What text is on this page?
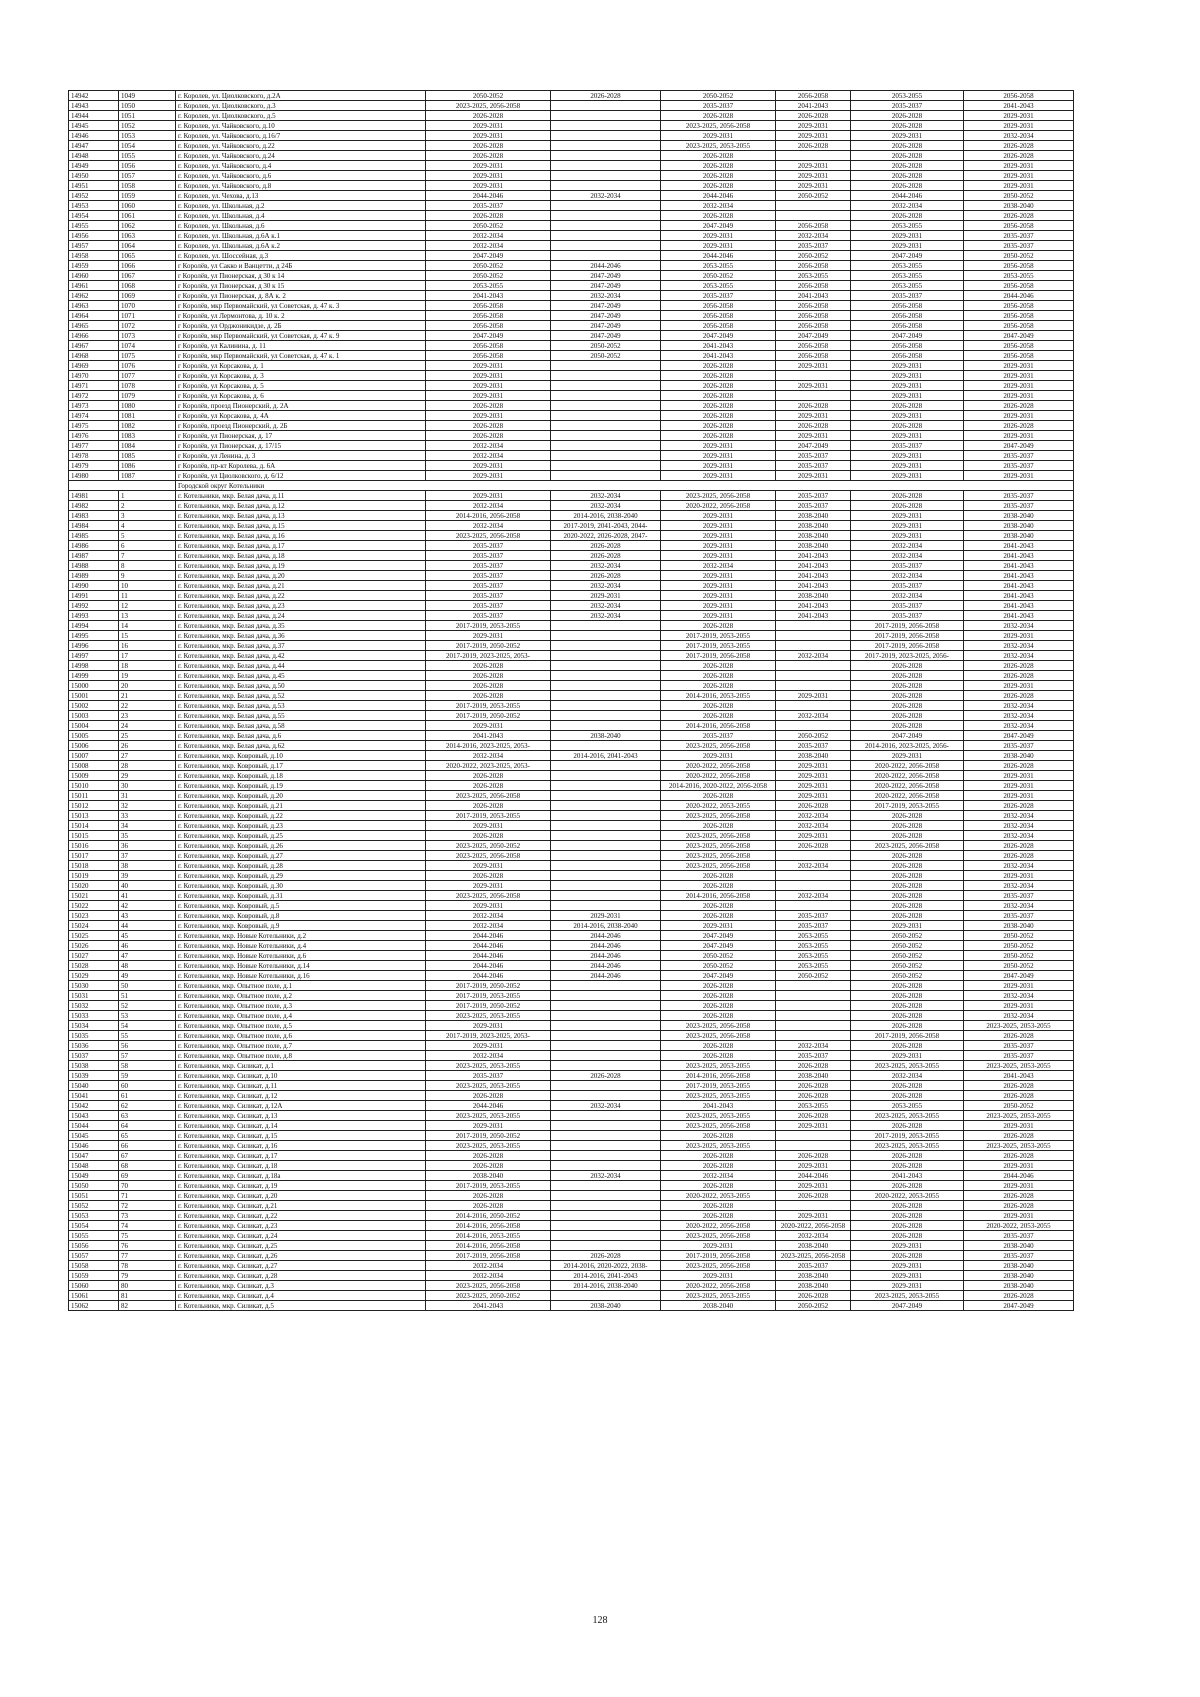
14942	1049	г. Королев, ул. Циолковского, д.2А	2050-2052	2026-2028	2050-2052	2056-2058	2053-2055	2056-2058
14943	1050	г. Королев, ул. Циолковского, д.3	2023-2025, 2056-2058		2035-2037	2041-2043	2035-2037	2041-2043
14944	1051	г. Королев, ул. Циолковского, д.5	2026-2028		2026-2028	2026-2028	2026-2028	2029-2031
14945	1052	г. Королев, ул. Чайковского, д.10	2029-2031		2023-2025, 2056-2058	2029-2031	2026-2028	2029-2031
14946	1053	г. Королев, ул. Чайковского, д.16/7	2029-2031		2029-2031	2029-2031	2029-2031	2032-2034
14947	1054	г. Королев, ул. Чайковского, д.22	2026-2028		2023-2025, 2053-2055	2026-2028	2026-2028	2026-2028
14948	1055	г. Королев, ул. Чайковского, д.24	2026-2028		2026-2028		2026-2028	2026-2028
14949	1056	г. Королев, ул. Чайковского, д.4	2029-2031		2026-2028	2029-2031	2026-2028	2029-2031
14950	1057	г. Королев, ул. Чайковского, д.6	2029-2031		2026-2028	2029-2031	2026-2028	2029-2031
14951	1058	г. Королев, ул. Чайковского, д.8	2029-2031		2026-2028	2029-2031	2026-2028	2029-2031
14952	1059	г. Королев, ул. Чехова, д.13	2044-2046	2032-2034	2044-2046	2050-2052	2044-2046	2050-2052
14953	1060	г. Королев, ул. Школьная, д.2	2035-2037		2032-2034		2032-2034	2038-2040
14954	1061	г. Королев, ул. Школьная, д.4	2026-2028		2026-2028		2026-2028	2026-2028
14955	1062	г. Королев, ул. Школьная, д.6	2050-2052		2047-2049	2056-2058	2053-2055	2056-2058
14956	1063	г. Королев, ул. Школьная, д.6А к.1	2032-2034		2029-2031	2032-2034	2029-2031	2035-2037
14957	1064	г. Королев, ул. Школьная, д.6А к.2	2032-2034		2029-2031	2035-2037	2029-2031	2035-2037
14958	1065	г. Королев, ул. Шоссейная, д.3	2047-2049		2044-2046	2050-2052	2047-2049	2050-2052
14959	1066	г Королёв, ул Сакко и Ванцетти, д 24Б	2050-2052	2044-2046	2053-2055	2056-2058	2053-2055	2056-2058
14960	1067	г Королёв, ул Пионерская, д 30 к 14	2050-2052	2047-2049	2050-2052	2053-2055	2053-2055	2053-2055
14961	1068	г Королёв, ул Пионерская, д 30 к 15	2053-2055	2047-2049	2053-2055	2056-2058	2053-2055	2056-2058
14962	1069	г Королёв, ул Пионерская, д. 8А к. 2	2041-2043	2032-2034	2035-2037	2041-2043	2035-2037	2044-2046
14963	1070	г Королёв, мкр Первомайский, ул Советская, д. 47 к. 3	2056-2058	2047-2049	2056-2058	2056-2058	2056-2058	2056-2058
14964	1071	г Королёв, ул Лермонтова, д. 10 к. 2	2056-2058	2047-2049	2056-2058	2056-2058	2056-2058	2056-2058
14965	1072	г Королёв, ул Орджоникидзе, д. 2Б	2056-2058	2047-2049	2056-2058	2056-2058	2056-2058	2056-2058
14966	1073	г Королёв, мкр Первомайский, ул Советская, д. 47 к. 9	2047-2049	2047-2049	2047-2049	2047-2049	2047-2049	2047-2049
14967	1074	г Королёв, ул Калинина, д. 11	2056-2058	2050-2052	2041-2043	2056-2058	2056-2058	2056-2058
14968	1075	г Королёв, мкр Первомайский, ул Советская, д. 47 к. 1	2056-2058	2050-2052	2041-2043	2056-2058	2056-2058	2056-2058
14969	1076	г Королёв, ул Корсакова, д. 1	2029-2031		2026-2028	2029-2031	2029-2031	2029-2031
14970	1077	г Королёв, ул Корсакова, д. 3	2029-2031		2026-2028		2029-2031	2029-2031
14971	1078	г Королёв, ул Корсакова, д. 5	2029-2031		2026-2028	2029-2031	2029-2031	2029-2031
14972	1079	г Королёв, ул Корсакова, д. 6	2029-2031		2026-2028		2029-2031	2029-2031
14973	1080	г Королёв, проезд Пионерский, д. 2А	2026-2028		2026-2028	2026-2028	2026-2028	2026-2028
14974	1081	г Королёв, ул Корсакова, д. 4А	2029-2031		2026-2028	2029-2031	2029-2031	2029-2031
14975	1082	г Королёв, проезд Пионерский, д. 2Б	2026-2028		2026-2028	2026-2028	2026-2028	2026-2028
14976	1083	г Королёв, ул Пионерская, д. 17	2026-2028		2026-2028	2029-2031	2029-2031	2029-2031
14977	1084	г Королёв, ул Пионерская, д. 17/15	2032-2034		2029-2031	2047-2049	2035-2037	2047-2049
14978	1085	г Королёв, ул Ленина, д. 3	2032-2034		2029-2031	2035-2037	2029-2031	2035-2037
14979	1086	г Королёв, пр-кт Королева, д. 6А	2029-2031		2029-2031	2035-2037	2029-2031	2035-2037
14980	1087	г Королёв, ул Циолковского, д. 6/12	2029-2031		2029-2031	2029-2031	2029-2031	2029-2031
		Городской округ Котельники						
14981	1	г. Котельники, мкр. Белая дача, д.11	2029-2031	2032-2034	2023-2025, 2056-2058	2035-2037	2026-2028	2035-2037
14982	2	г. Котельники, мкр. Белая дача, д.12	2032-2034	2032-2034	2020-2022, 2056-2058	2035-2037	2026-2028	2035-2037
14983	3	г. Котельники, мкр. Белая дача, д.13	2014-2016, 2056-2058	2014-2016, 2038-2040	2029-2031	2038-2040	2029-2031	2038-2040
14984	4	г. Котельники, мкр. Белая дача, д.15	2032-2034	2017-2019, 2041-2043, 2044-	2029-2031	2038-2040	2029-2031	2038-2040
14985	5	г. Котельники, мкр. Белая дача, д.16	2023-2025, 2056-2058	2020-2022, 2026-2028, 2047-	2029-2031	2038-2040	2029-2031	2038-2040
14986	6	г. Котельники, мкр. Белая дача, д.17	2035-2037	2026-2028	2029-2031	2038-2040	2032-2034	2041-2043
14987	7	г. Котельники, мкр. Белая дача, д.18	2035-2037	2026-2028	2029-2031	2041-2043	2032-2034	2041-2043
14988	8	г. Котельники, мкр. Белая дача, д.19	2035-2037	2032-2034	2032-2034	2041-2043	2035-2037	2041-2043
14989	9	г. Котельники, мкр. Белая дача, д.20	2035-2037	2026-2028	2029-2031	2041-2043	2032-2034	2041-2043
14990	10	г. Котельники, мкр. Белая дача, д.21	2035-2037	2032-2034	2029-2031	2041-2043	2035-2037	2041-2043
14991	11	г. Котельники, мкр. Белая дача, д.22	2035-2037	2029-2031	2029-2031	2038-2040	2032-2034	2041-2043
14992	12	г. Котельники, мкр. Белая дача, д.23	2035-2037	2032-2034	2029-2031	2041-2043	2035-2037	2041-2043
14993	13	г. Котельники, мкр. Белая дача, д.24	2035-2037	2032-2034	2029-2031	2041-2043	2035-2037	2041-2043
14994	14	г. Котельники, мкр. Белая дача, д.35	2017-2019, 2053-2055		2026-2028		2017-2019, 2056-2058	2032-2034
14995	15	г. Котельники, мкр. Белая дача, д.36	2029-2031		2017-2019, 2053-2055		2017-2019, 2056-2058	2029-2031
14996	16	г. Котельники, мкр. Белая дача, д.37	2017-2019, 2050-2052		2017-2019, 2053-2055		2017-2019, 2056-2058	2032-2034
14997	17	г. Котельники, мкр. Белая дача, д.42	2017-2019, 2023-2025, 2053-		2017-2019, 2056-2058	2032-2034	2017-2019, 2023-2025, 2056-	2032-2034
14998	18	г. Котельники, мкр. Белая дача, д.44	2026-2028		2026-2028		2026-2028	2026-2028
14999	19	г. Котельники, мкр. Белая дача, д.45	2026-2028		2026-2028		2026-2028	2026-2028
15000	20	г. Котельники, мкр. Белая дача, д.50	2026-2028		2026-2028		2026-2028	2029-2031
15001	21	г. Котельники, мкр. Белая дача, д.52	2026-2028		2014-2016, 2053-2055	2029-2031	2026-2028	2026-2028
15002	22	г. Котельники, мкр. Белая дача, д.53	2017-2019, 2053-2055		2026-2028		2026-2028	2032-2034
15003	23	г. Котельники, мкр. Белая дача, д.55	2017-2019, 2050-2052		2026-2028	2032-2034	2026-2028	2032-2034
15004	24	г. Котельники, мкр. Белая дача, д.58	2029-2031		2014-2016, 2056-2058		2026-2028	2032-2034
15005	25	г. Котельники, мкр. Белая дача, д.6	2041-2043	2038-2040	2035-2037	2050-2052	2047-2049	2047-2049
15006	26	г. Котельники, мкр. Белая дача, д.62	2014-2016, 2023-2025, 2053-		2023-2025, 2056-2058	2035-2037	2014-2016, 2023-2025, 2056-	2035-2037
15007	27	г. Котельники, мкр. Ковровый, д.10	2032-2034	2014-2016, 2041-2043	2029-2031	2038-2040	2029-2031	2038-2040
15008	28	г. Котельники, мкр. Ковровый, д.17	2020-2022, 2023-2025, 2053-		2020-2022, 2056-2058	2029-2031	2020-2022, 2056-2058	2026-2028
15009	29	г. Котельники, мкр. Ковровый, д.18	2026-2028		2020-2022, 2056-2058	2029-2031	2020-2022, 2056-2058	2029-2031
15010	30	г. Котельники, мкр. Ковровый, д.19	2026-2028		2014-2016, 2020-2022, 2056-2058	2029-2031	2020-2022, 2056-2058	2029-2031
15011	31	г. Котельники, мкр. Ковровый, д.20	2023-2025, 2056-2058		2026-2028	2029-2031	2020-2022, 2056-2058	2029-2031
15012	32	г. Котельники, мкр. Ковровый, д.21	2026-2028		2020-2022, 2053-2055	2026-2028	2017-2019, 2053-2055	2026-2028
15013	33	г. Котельники, мкр. Ковровый, д.22	2017-2019, 2053-2055		2023-2025, 2056-2058	2032-2034	2026-2028	2032-2034
15014	34	г. Котельники, мкр. Ковровый, д.23	2029-2031		2026-2028	2032-2034	2026-2028	2032-2034
15015	35	г. Котельники, мкр. Ковровый, д.25	2026-2028		2023-2025, 2056-2058	2029-2031	2026-2028	2032-2034
15016	36	г. Котельники, мкр. Ковровый, д.26	2023-2025, 2050-2052		2023-2025, 2056-2058	2026-2028	2023-2025, 2056-2058	2026-2028
15017	37	г. Котельники, мкр. Ковровый, д.27	2023-2025, 2056-2058		2023-2025, 2056-2058		2026-2028	2026-2028
15018	38	г. Котельники, мкр. Ковровый, д.28	2029-2031		2023-2025, 2056-2058	2032-2034	2026-2028	2032-2034
15019	39	г. Котельники, мкр. Ковровый, д.29	2026-2028		2026-2028		2026-2028	2029-2031
15020	40	г. Котельники, мкр. Ковровый, д.30	2029-2031		2026-2028		2026-2028	2032-2034
15021	41	г. Котельники, мкр. Ковровый, д.31	2023-2025, 2056-2058		2014-2016, 2056-2058	2032-2034	2026-2028	2035-2037
15022	42	г. Котельники, мкр. Ковровый, д.5	2029-2031		2026-2028		2026-2028	2032-2034
15023	43	г. Котельники, мкр. Ковровый, д.8	2032-2034	2029-2031	2026-2028	2035-2037	2026-2028	2035-2037
15024	44	г. Котельники, мкр. Ковровый, д.9	2032-2034	2014-2016, 2038-2040	2029-2031	2035-2037	2029-2031	2038-2040
15025	45	г. Котельники, мкр. Новые Котельники, д.2	2044-2046	2044-2046	2047-2049	2053-2055	2050-2052	2050-2052
15026	46	г. Котельники, мкр. Новые Котельники, д.4	2044-2046	2044-2046	2047-2049	2053-2055	2050-2052	2050-2052
15027	47	г. Котельники, мкр. Новые Котельники, д.6	2044-2046	2044-2046	2050-2052	2053-2055	2050-2052	2050-2052
15028	48	г. Котельники, мкр. Новые Котельники, д.14	2044-2046	2044-2046	2050-2052	2053-2055	2050-2052	2050-2052
15029	49	г. Котельники, мкр. Новые Котельники, д.16	2044-2046	2044-2046	2047-2049	2050-2052	2050-2052	2047-2049
15030	50	г. Котельники, мкр. Опытное поле, д.1	2017-2019, 2050-2052		2026-2028		2026-2028	2029-2031
15031	51	г. Котельники, мкр. Опытное поле, д.2	2017-2019, 2053-2055		2026-2028		2026-2028	2032-2034
15032	52	г. Котельники, мкр. Опытное поле, д.3	2017-2019, 2050-2052		2026-2028		2026-2028	2029-2031
15033	53	г. Котельники, мкр. Опытное поле, д.4	2023-2025, 2053-2055		2026-2028		2026-2028	2032-2034
15034	54	г. Котельники, мкр. Опытное поле, д.5	2029-2031		2023-2025, 2056-2058		2026-2028	2023-2025, 2053-2055
15035	55	г. Котельники, мкр. Опытное поле, д.6	2017-2019, 2023-2025, 2053-		2023-2025, 2056-2058		2017-2019, 2056-2058	2026-2028
15036	56	г. Котельники, мкр. Опытное поле, д.7	2029-2031		2026-2028	2032-2034	2026-2028	2035-2037
15037	57	г. Котельники, мкр. Опытное поле, д.8	2032-2034		2026-2028	2035-2037	2029-2031	2035-2037
15038	58	г. Котельники, мкр. Силикат, д.1	2023-2025, 2053-2055		2023-2025, 2053-2055	2026-2028	2023-2025, 2053-2055	2023-2025, 2053-2055
15039	59	г. Котельники, мкр. Силикат, д.10	2035-2037	2026-2028	2014-2016, 2056-2058	2038-2040	2032-2034	2041-2043
15040	60	г. Котельники, мкр. Силикат, д.11	2023-2025, 2053-2055		2017-2019, 2053-2055	2026-2028	2026-2028	2026-2028
15041	61	г. Котельники, мкр. Силикат, д.12	2026-2028		2023-2025, 2053-2055	2026-2028	2026-2028	2026-2028
15042	62	г. Котельники, мкр. Силикат, д.12А	2044-2046	2032-2034	2041-2043	2053-2055	2053-2055	2050-2052
15043	63	г. Котельники, мкр. Силикат, д.13	2023-2025, 2053-2055		2023-2025, 2053-2055	2026-2028	2023-2025, 2053-2055	2023-2025, 2053-2055
15044	64	г. Котельники, мкр. Силикат, д.14	2029-2031		2023-2025, 2056-2058	2029-2031	2026-2028	2029-2031
15045	65	г. Котельники, мкр. Силикат, д.15	2017-2019, 2050-2052		2026-2028		2017-2019, 2053-2055	2026-2028
15046	66	г. Котельники, мкр. Силикат, д.16	2023-2025, 2053-2055		2023-2025, 2053-2055		2023-2025, 2053-2055	2023-2025, 2053-2055
15047	67	г. Котельники, мкр. Силикат, д.17	2026-2028		2026-2028	2026-2028	2026-2028	2026-2028
15048	68	г. Котельники, мкр. Силикат, д.18	2026-2028		2026-2028	2029-2031	2026-2028	2029-2031
15049	69	г. Котельники, мкр. Силикат, д.18а	2038-2040	2032-2034	2032-2034	2044-2046	2041-2043	2044-2046
15050	70	г. Котельники, мкр. Силикат, д.19	2017-2019, 2053-2055		2026-2028	2029-2031	2026-2028	2029-2031
15051	71	г. Котельники, мкр. Силикат, д.20	2026-2028		2020-2022, 2053-2055	2026-2028	2020-2022, 2053-2055	2026-2028
15052	72	г. Котельники, мкр. Силикат, д.21	2026-2028		2026-2028		2026-2028	2026-2028
15053	73	г. Котельники, мкр. Силикат, д.22	2014-2016, 2050-2052		2026-2028	2029-2031	2026-2028	2029-2031
15054	74	г. Котельники, мкр. Силикат, д.23	2014-2016, 2056-2058		2020-2022, 2056-2058	2020-2022, 2056-2058	2026-2028	2020-2022, 2053-2055
15055	75	г. Котельники, мкр. Силикат, д.24	2014-2016, 2053-2055		2023-2025, 2056-2058	2032-2034	2026-2028	2035-2037
15056	76	г. Котельники, мкр. Силикат, д.25	2014-2016, 2056-2058		2029-2031	2038-2040	2029-2031	2038-2040
15057	77	г. Котельники, мкр. Силикат, д.26	2017-2019, 2056-2058	2026-2028	2017-2019, 2056-2058	2023-2025, 2056-2058	2026-2028	2035-2037
15058	78	г. Котельники, мкр. Силикат, д.27	2032-2034	2014-2016, 2020-2022, 2038-	2023-2025, 2056-2058	2035-2037	2029-2031	2038-2040
15059	79	г. Котельники, мкр. Силикат, д.28	2032-2034	2014-2016, 2041-2043	2029-2031	2038-2040	2029-2031	2038-2040
15060	80	г. Котельники, мкр. Силикат, д.3	2023-2025, 2056-2058	2014-2016, 2038-2040	2020-2022, 2056-2058	2038-2040	2029-2031	2038-2040
15061	81	г. Котельники, мкр. Силикат, д.4	2023-2025, 2050-2052		2023-2025, 2053-2055	2026-2028	2023-2025, 2053-2055	2026-2028
15062	82	г. Котельники, мкр. Силикат, д.5	2041-2043	2038-2040	2038-2040	2050-2052	2047-2049	2047-2049
128
